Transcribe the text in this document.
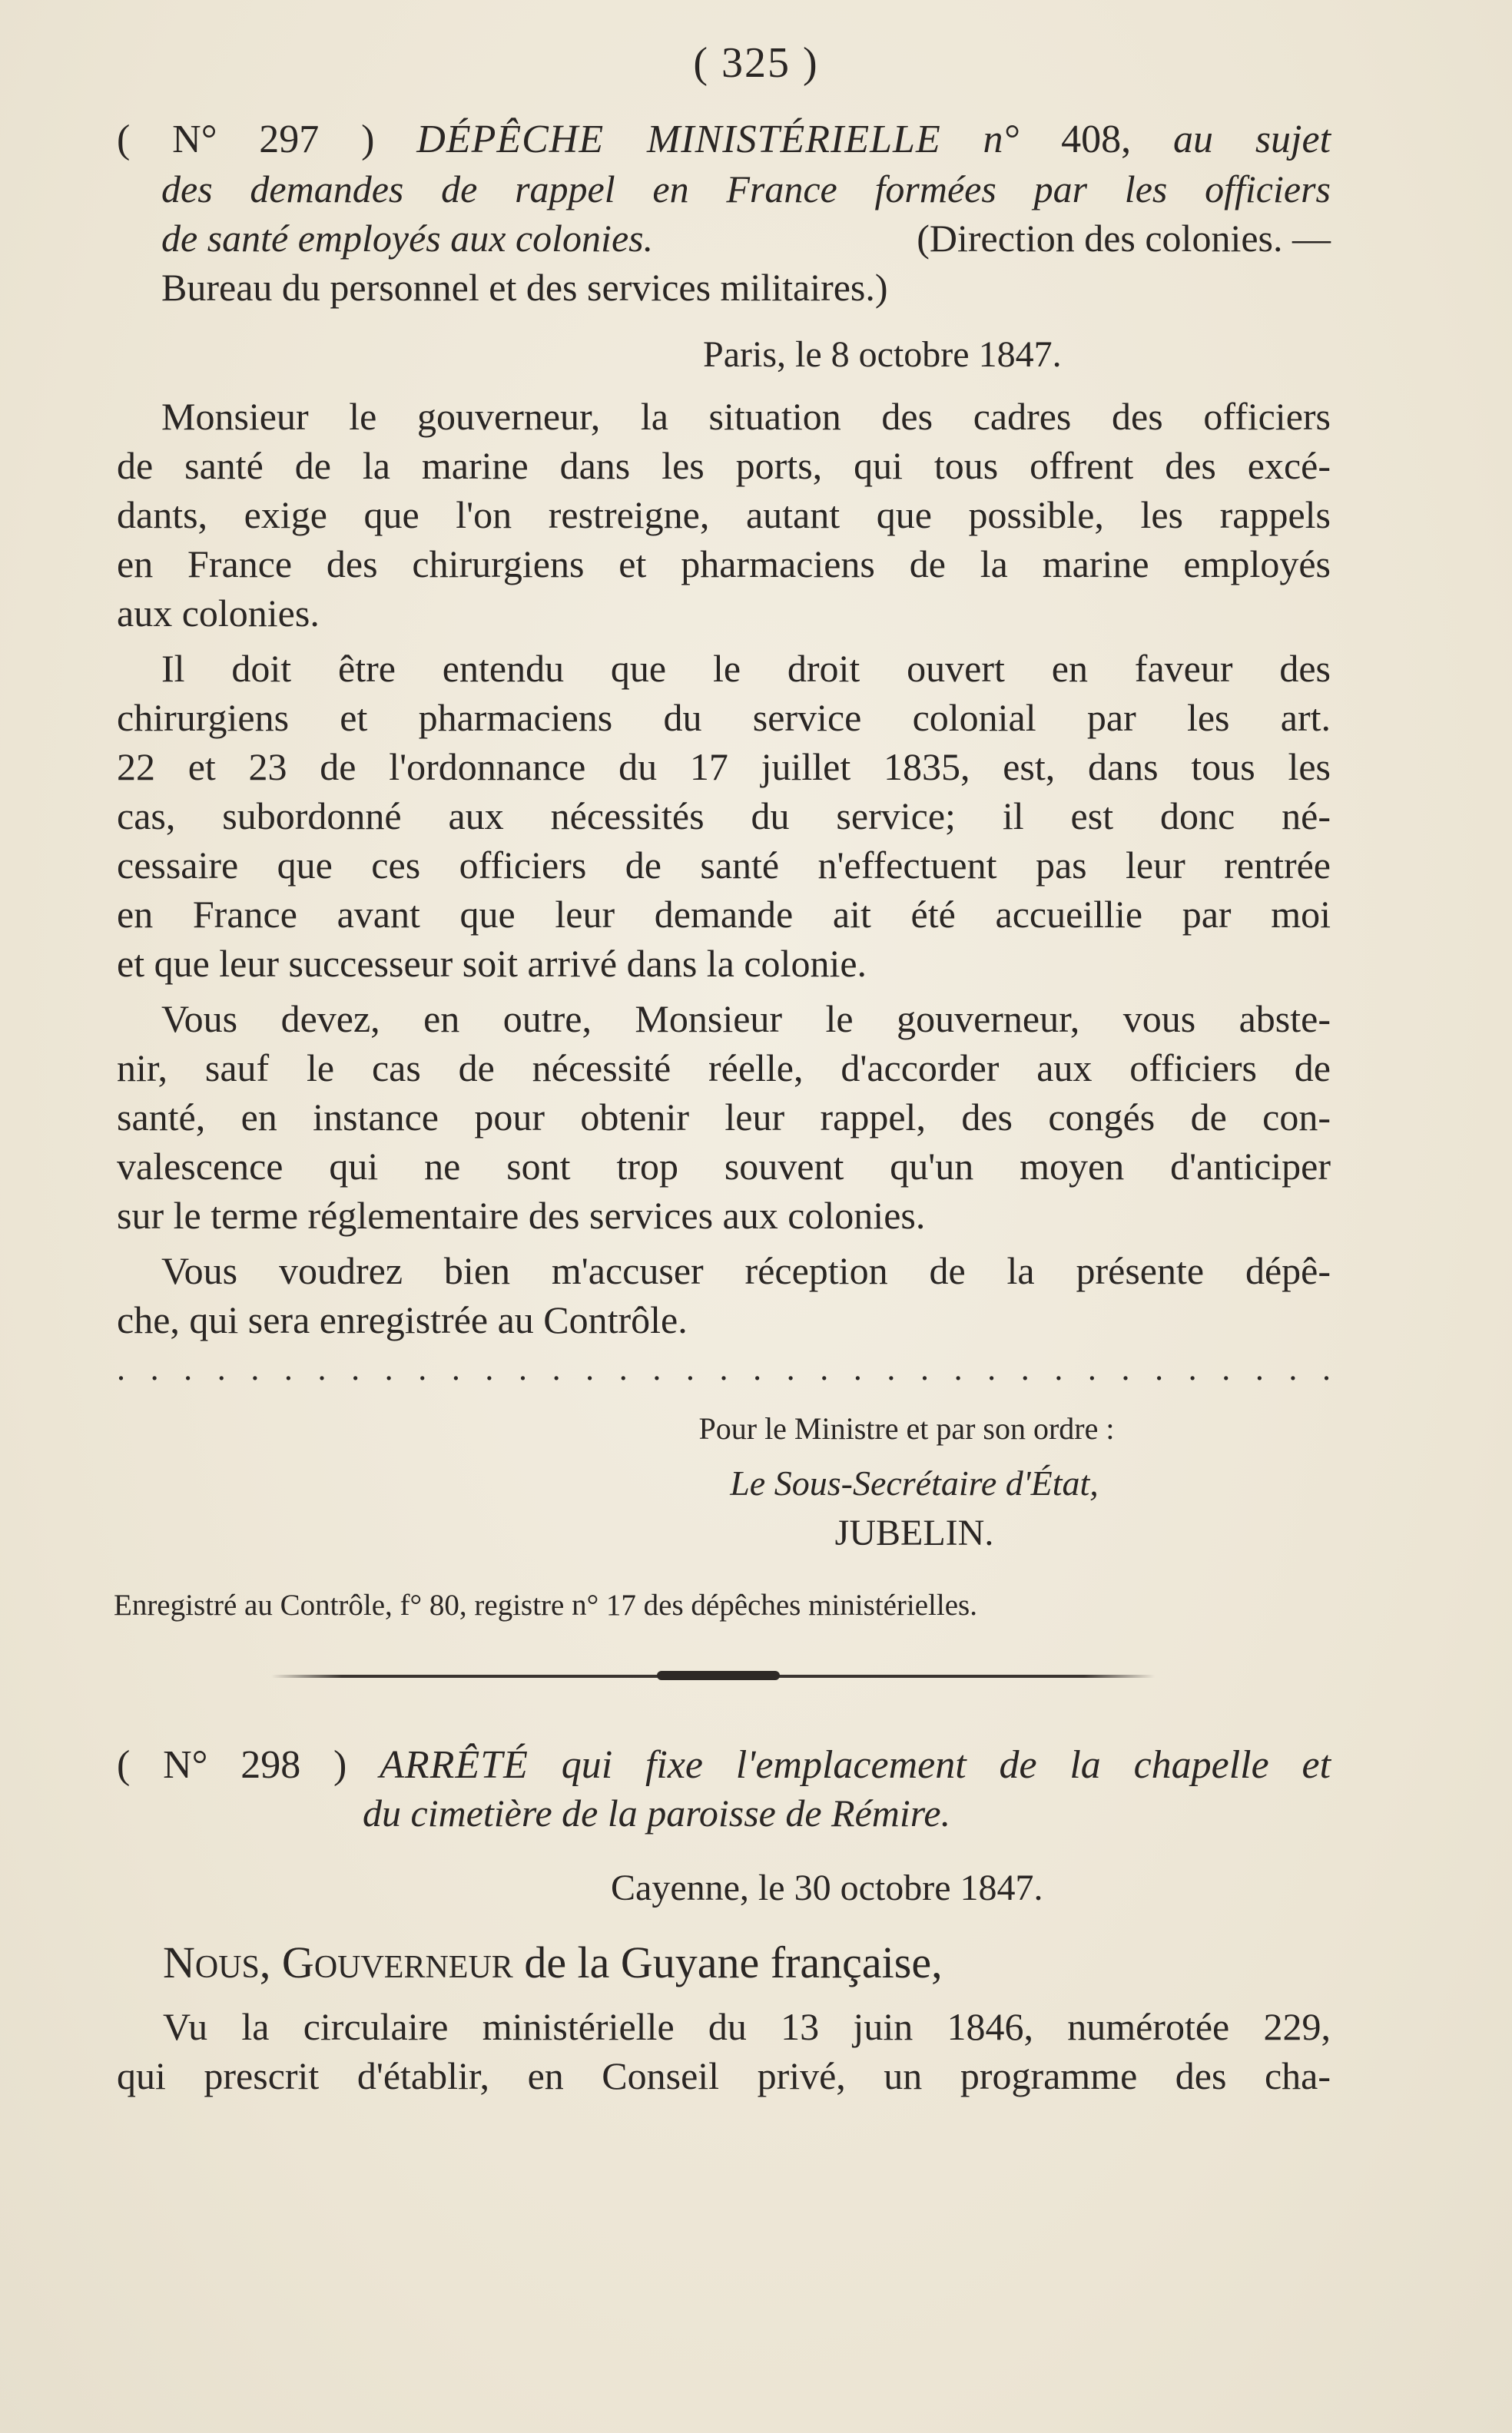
( 325 )
( N° 297 ) DÉPÊCHE MINISTÉRIELLE n° 408, au sujet
des demandes de rappel en France formées par les officiers
de santé employés aux colonies.	(Direction des colonies. —
Bureau du personnel et des services militaires.)
Paris, le 8 octobre 1847.
Monsieur le gouverneur, la situation des cadres des officiers
de santé de la marine dans les ports, qui tous offrent des excé-
dants, exige que l'on restreigne, autant que possible, les rappels
en France des chirurgiens et pharmaciens de la marine employés
aux colonies.
Il doit être entendu que le droit ouvert en faveur des
chirurgiens et pharmaciens du service colonial par les art.
22 et 23 de l'ordonnance du 17 juillet 1835, est, dans tous les
cas, subordonné aux nécessités du service; il est donc né-
cessaire que ces officiers de santé n'effectuent pas leur rentrée
en France avant que leur demande ait été accueillie par moi
et que leur successeur soit arrivé dans la colonie.
Vous devez, en outre, Monsieur le gouverneur, vous abste-
nir, sauf le cas de nécessité réelle, d'accorder aux officiers de
santé, en instance pour obtenir leur rappel, des congés de con-
valescence qui ne sont trop souvent qu'un moyen d'anticiper
sur le terme réglementaire des services aux colonies.
Vous voudrez bien m'accuser réception de la présente dépê-
che, qui sera enregistrée au Contrôle.
. . . . . . . . . . . . . . . . . . . . . . . . . . . . . . . . . . . . .
Pour le Ministre et par son ordre :
Le Sous-Secrétaire d'État,
JUBELIN.
Enregistré au Contrôle, f° 80, registre n° 17 des dépêches ministérielles.
( N° 298 ) ARRÊTÉ qui fixe l'emplacement de la chapelle et
du cimetière de la paroisse de Rémire.
Cayenne, le 30 octobre 1847.
NOUS, GOUVERNEUR de la Guyane française,
Vu la circulaire ministérielle du 13 juin 1846, numérotée 229,
qui prescrit d'établir, en Conseil privé, un programme des cha-
